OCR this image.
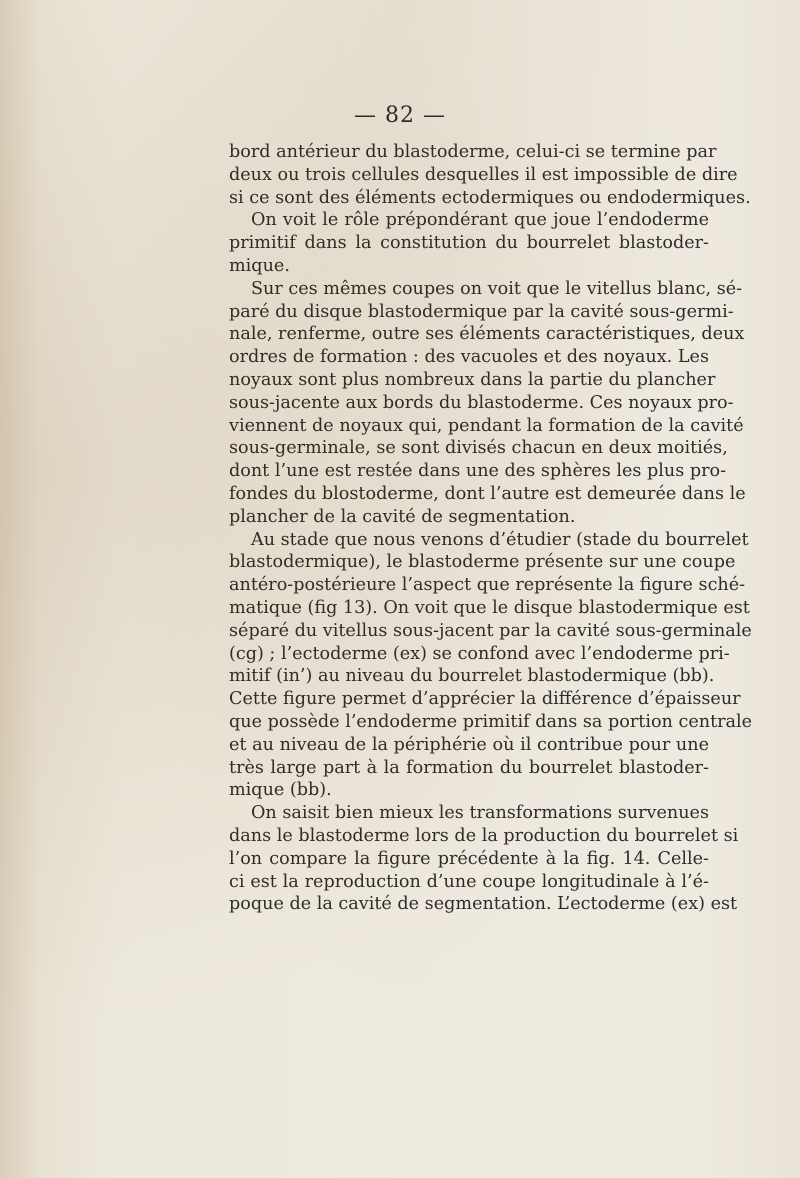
— 82 —
bord antérieur du blastoderme, celui-ci se termine par
deux ou trois cellules desquelles il est impossible de dire
si ce sont des éléments ectodermiques ou endodermiques.
On voit le rôle prépondérant que joue l’endoderme
primitif dans la constitution du bourrelet blastoder-
mique.
Sur ces mêmes coupes on voit que le vitellus blanc, sé-
paré du disque blastodermique par la cavité sous-germi-
nale, renferme, outre ses éléments caractéristiques, deux
ordres de formation : des vacuoles et des noyaux. Les
noyaux sont plus nombreux dans la partie du plancher
sous-jacente aux bords du blastoderme. Ces noyaux pro-
viennent de noyaux qui, pendant la formation de la cavité
sous-germinale, se sont divisés chacun en deux moitiés,
dont l’une est restée dans une des sphères les plus pro-
fondes du blostoderme, dont l’autre est demeurée dans le
plancher de la cavité de segmentation.
Au stade que nous venons d’étudier (stade du bourrelet
blastodermique), le blastoderme présente sur une coupe
antéro-postérieure l’aspect que représente la figure sché-
matique (fig 13). On voit que le disque blastodermique est
séparé du vitellus sous-jacent par la cavité sous-germinale
(cg) ; l’ectoderme (ex) se confond avec l’endoderme pri-
mitif (in’) au niveau du bourrelet blastodermique (bb).
Cette figure permet d’apprécier la différence d’épaisseur
que possède l’endoderme primitif dans sa portion centrale
et au niveau de la périphérie où il contribue pour une
très large part à la formation du bourrelet blastoder-
mique (bb).
On saisit bien mieux les transformations survenues
dans le blastoderme lors de la production du bourrelet si
l’on compare la figure précédente à la fig. 14. Celle-
ci est la reproduction d’une coupe longitudinale à l’é-
poque de la cavité de segmentation. L’ectoderme (ex) est
